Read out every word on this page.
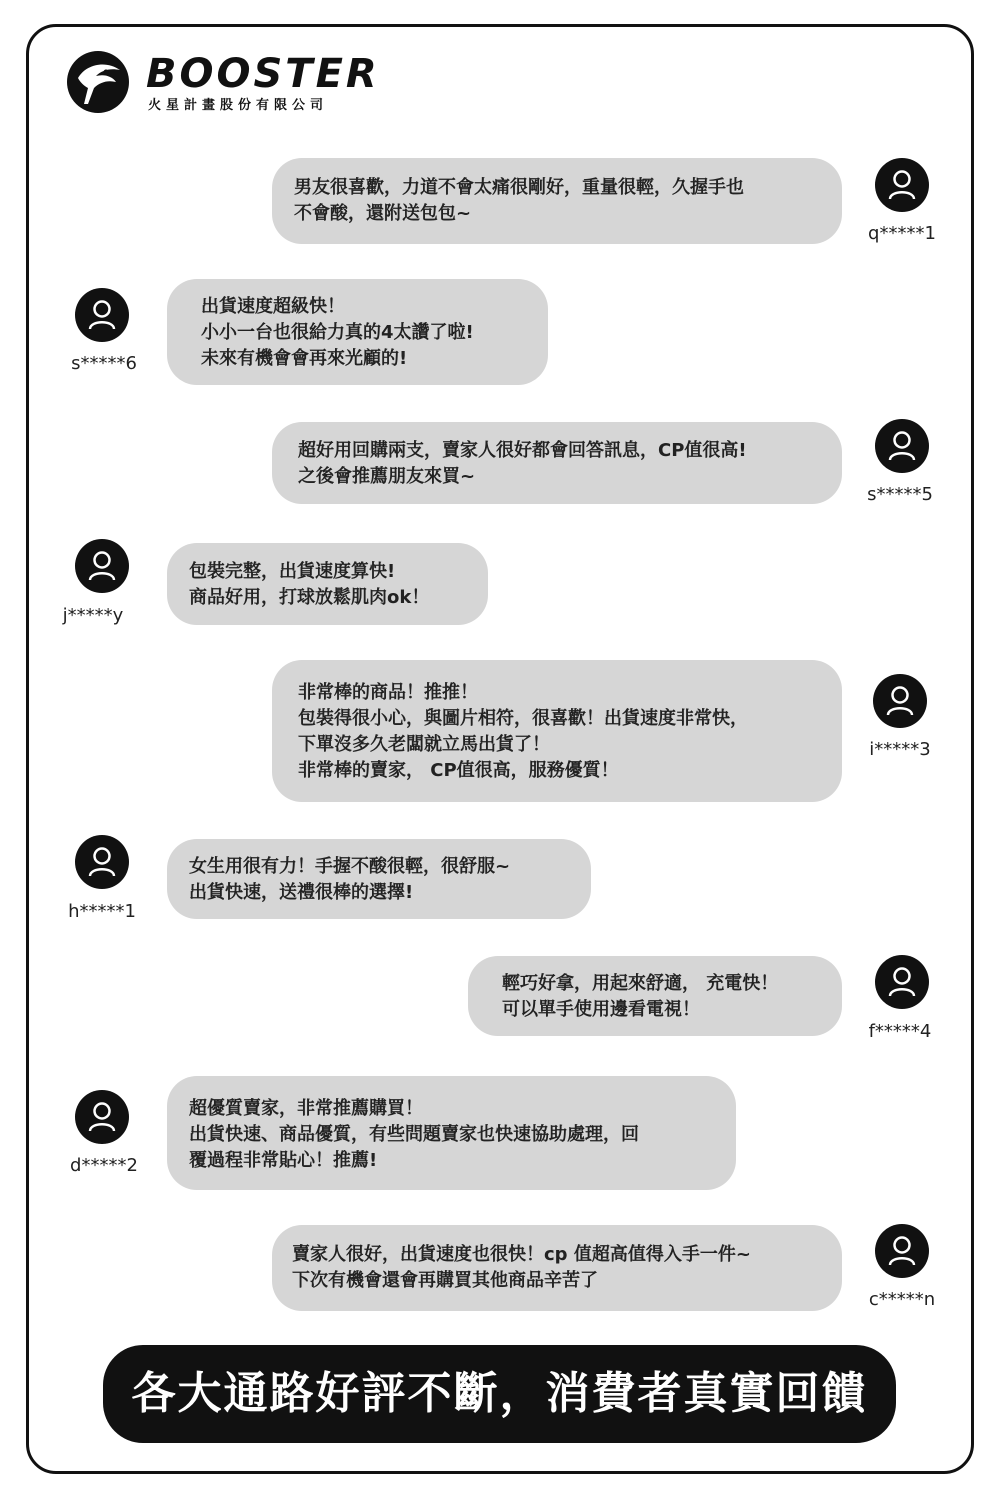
BOOSTER
火星計畫股份有限公司
男友很喜歡，力道不會太痛很剛好，重量很輕，久握手也
不會酸，還附送包包~
q*****1
出貨速度超級快！
小小一台也很給力真的4太讚了啦!
未來有機會會再來光顧的!
s*****6
超好用回購兩支，賣家人很好都會回答訊息，CP值很高!
之後會推薦朋友來買~
s*****5
包裝完整，出貨速度算快!
商品好用，打球放鬆肌肉ok！
j*****y
非常棒的商品！推推！
包裝得很小心，與圖片相符，很喜歡！出貨速度非常快，
下單沒多久老闆就立馬出貨了！
非常棒的賣家， CP值很高，服務優質！
i*****3
女生用很有力！手握不酸很輕，很舒服~
出貨快速，送禮很棒的選擇!
h*****1
輕巧好拿，用起來舒適， 充電快！
可以單手使用邊看電視！
f*****4
超優質賣家，非常推薦購買！
出貨快速、商品優質，有些問題賣家也快速協助處理，回
覆過程非常貼心！推薦!
d*****2
賣家人很好，出貨速度也很快！cp 值超高值得入手一件~
下次有機會還會再購買其他商品辛苦了
c*****n
各大通路好評不斷，消費者真實回饋
